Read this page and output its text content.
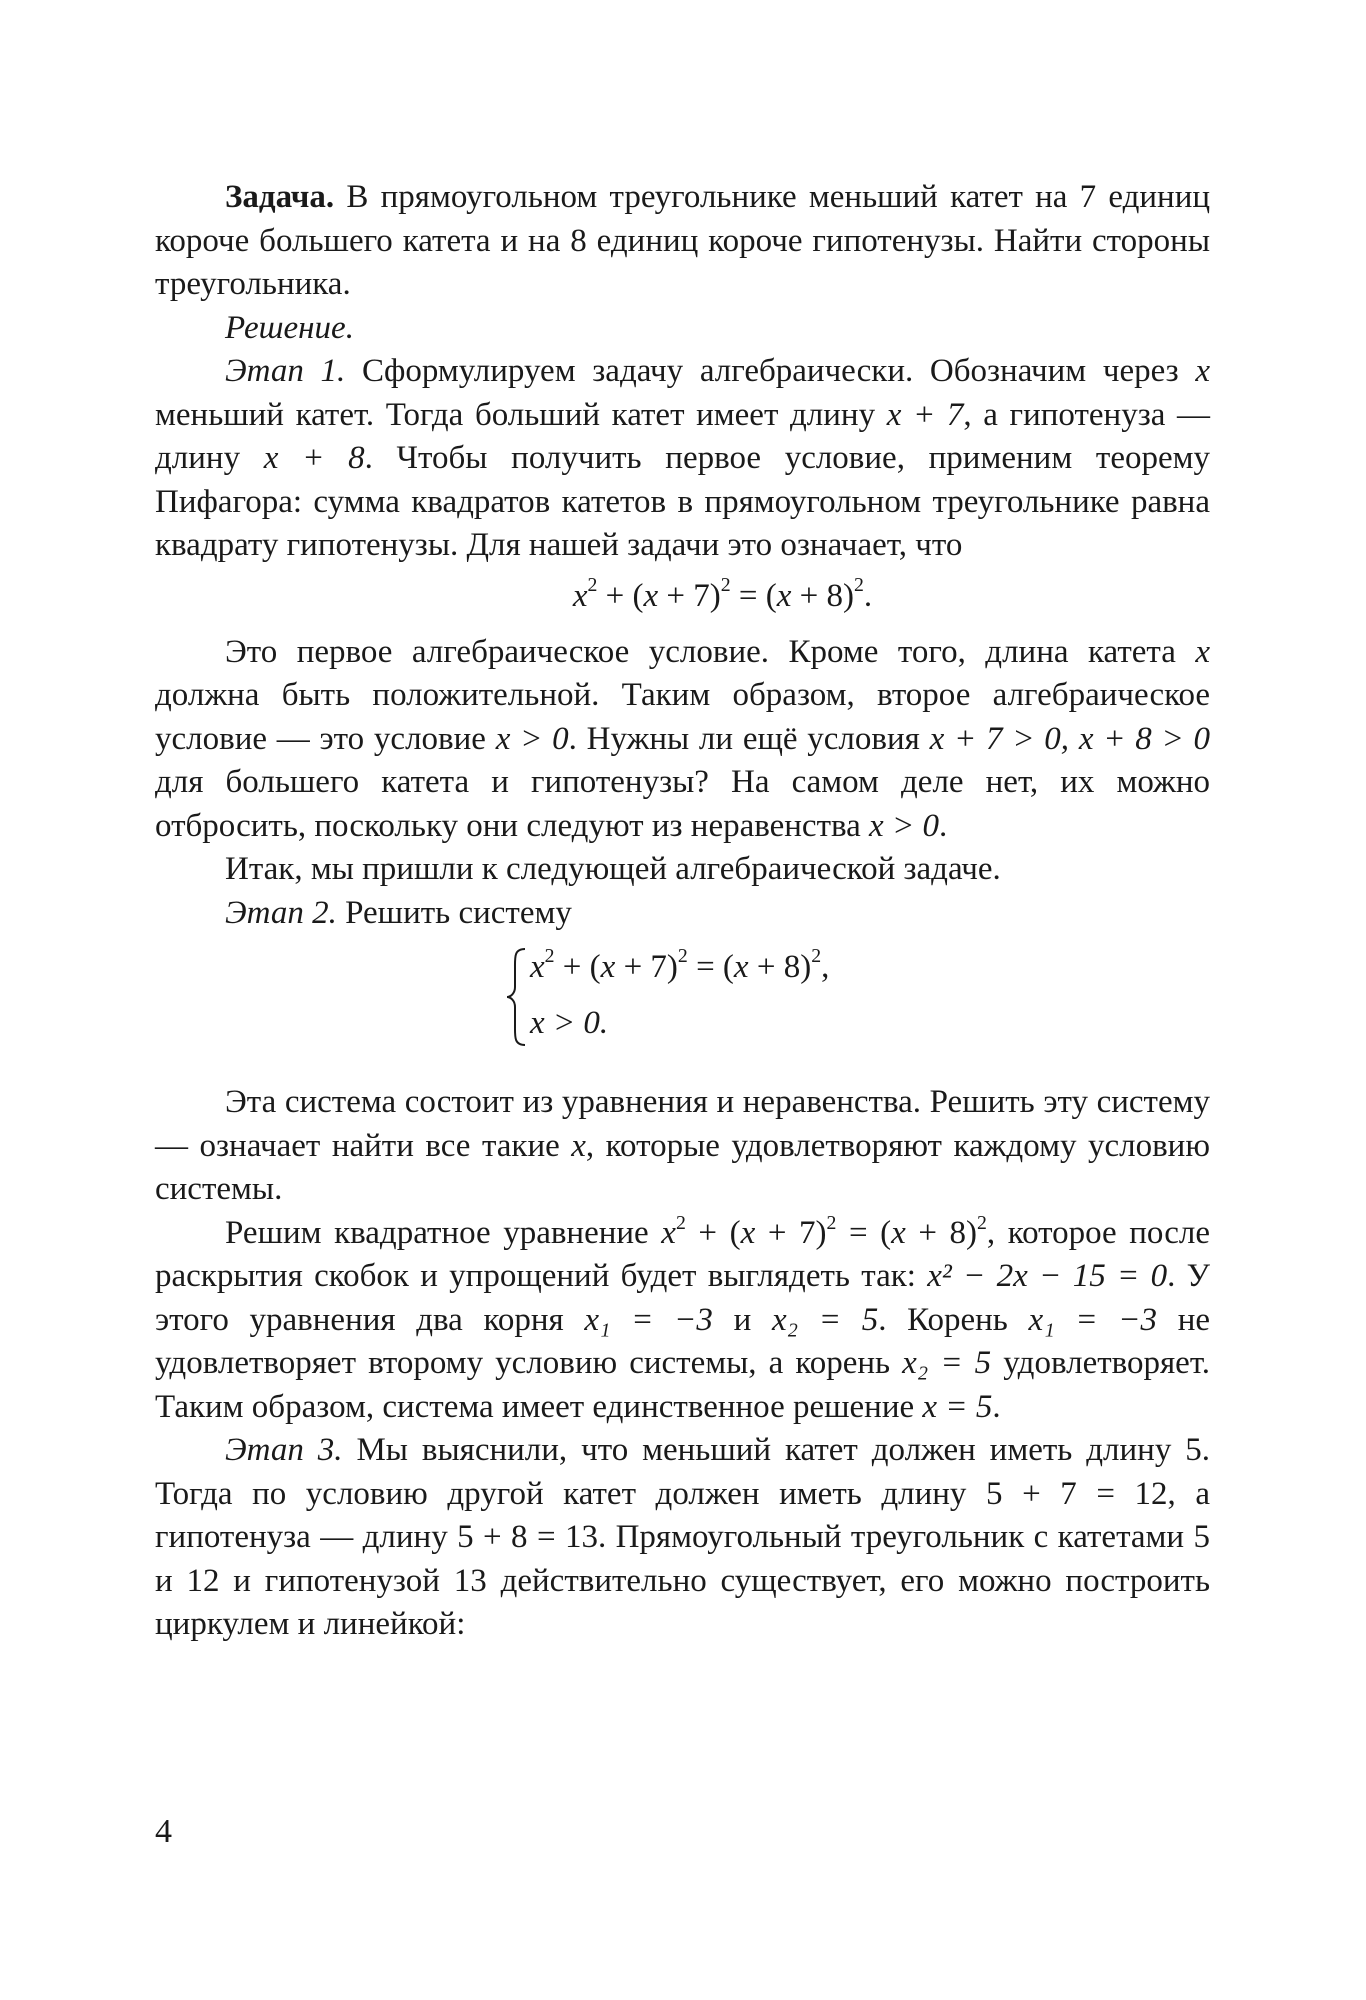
Задача. В прямоугольном треугольнике меньший катет на 7 единиц короче большего катета и на 8 единиц короче гипотенузы. Найти стороны треугольника.

Решение.

Этап 1. Сформулируем задачу алгебраически. Обозначим через x меньший катет. Тогда больший катет имеет длину x + 7, а гипотенуза — длину x + 8. Чтобы получить первое условие, применим теорему Пифагора: сумма квадратов катетов в прямоугольном треугольнике равна квадрату гипотенузы. Для нашей задачи это означает, что

$x^2 + (x + 7)^2 = (x + 8)^2$.

Это первое алгебраическое условие. Кроме того, длина катета x должна быть положительной. Таким образом, второе алгебраическое условие — это условие x > 0. Нужны ли ещё условия x + 7 > 0, x + 8 > 0 для большего катета и гипотенузы? На самом деле нет, их можно отбросить, поскольку они следуют из неравенства x > 0.

Итак, мы пришли к следующей алгебраической задаче.

Этап 2. Решить систему

$x^2 + (x + 7)^2 = (x + 8)^2$,
x > 0.

Эта система состоит из уравнения и неравенства. Решить эту систему — означает найти все такие x, которые удовлетворяют каждому условию системы.

Решим квадратное уравнение $x^2 + (x + 7)^2 = (x + 8)^2$, которое после раскрытия скобок и упрощений будет выглядеть так: x² − 2x − 15 = 0. У этого уравнения два корня x₁ = −3 и x₂ = 5. Корень x₁ = −3 не удовлетворяет второму условию системы, а корень x₂ = 5 удовлетворяет. Таким образом, система имеет единственное решение x = 5.

Этап 3. Мы выяснили, что меньший катет должен иметь длину 5. Тогда по условию другой катет должен иметь длину 5 + 7 = 12, а гипотенуза — длину 5 + 8 = 13. Прямоугольный треугольник с катетами 5 и 12 и гипотенузой 13 действительно существует, его можно построить циркулем и линейкой:

4
